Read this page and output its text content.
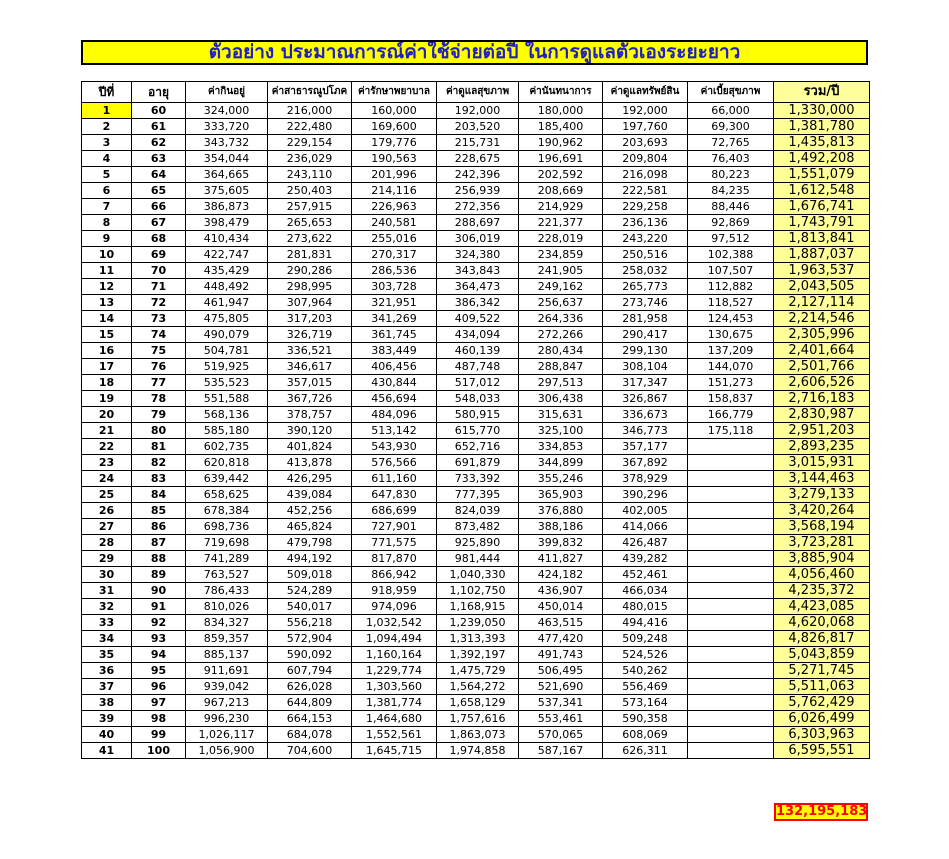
ตัวอย่าง ประมาณการณ์ค่าใช้จ่ายต่อปี ในการดูแลตัวเองระยะยาว
ปีที่	อายุ	ค่ากินอยู่	ค่าสาธารณูปโภค	ค่ารักษาพยาบาล	ค่าดูแลสุขภาพ	ค่านันทนาการ	ค่าดูแลทรัพย์สิน	ค่าเบี้ยสุขภาพ	รวม/ปี
1	60	324,000	216,000	160,000	192,000	180,000	192,000	66,000	1,330,000
2	61	333,720	222,480	169,600	203,520	185,400	197,760	69,300	1,381,780
3	62	343,732	229,154	179,776	215,731	190,962	203,693	72,765	1,435,813
4	63	354,044	236,029	190,563	228,675	196,691	209,804	76,403	1,492,208
5	64	364,665	243,110	201,996	242,396	202,592	216,098	80,223	1,551,079
6	65	375,605	250,403	214,116	256,939	208,669	222,581	84,235	1,612,548
7	66	386,873	257,915	226,963	272,356	214,929	229,258	88,446	1,676,741
8	67	398,479	265,653	240,581	288,697	221,377	236,136	92,869	1,743,791
9	68	410,434	273,622	255,016	306,019	228,019	243,220	97,512	1,813,841
10	69	422,747	281,831	270,317	324,380	234,859	250,516	102,388	1,887,037
11	70	435,429	290,286	286,536	343,843	241,905	258,032	107,507	1,963,537
12	71	448,492	298,995	303,728	364,473	249,162	265,773	112,882	2,043,505
13	72	461,947	307,964	321,951	386,342	256,637	273,746	118,527	2,127,114
14	73	475,805	317,203	341,269	409,522	264,336	281,958	124,453	2,214,546
15	74	490,079	326,719	361,745	434,094	272,266	290,417	130,675	2,305,996
16	75	504,781	336,521	383,449	460,139	280,434	299,130	137,209	2,401,664
17	76	519,925	346,617	406,456	487,748	288,847	308,104	144,070	2,501,766
18	77	535,523	357,015	430,844	517,012	297,513	317,347	151,273	2,606,526
19	78	551,588	367,726	456,694	548,033	306,438	326,867	158,837	2,716,183
20	79	568,136	378,757	484,096	580,915	315,631	336,673	166,779	2,830,987
21	80	585,180	390,120	513,142	615,770	325,100	346,773	175,118	2,951,203
22	81	602,735	401,824	543,930	652,716	334,853	357,177		2,893,235
23	82	620,818	413,878	576,566	691,879	344,899	367,892		3,015,931
24	83	639,442	426,295	611,160	733,392	355,246	378,929		3,144,463
25	84	658,625	439,084	647,830	777,395	365,903	390,296		3,279,133
26	85	678,384	452,256	686,699	824,039	376,880	402,005		3,420,264
27	86	698,736	465,824	727,901	873,482	388,186	414,066		3,568,194
28	87	719,698	479,798	771,575	925,890	399,832	426,487		3,723,281
29	88	741,289	494,192	817,870	981,444	411,827	439,282		3,885,904
30	89	763,527	509,018	866,942	1,040,330	424,182	452,461		4,056,460
31	90	786,433	524,289	918,959	1,102,750	436,907	466,034		4,235,372
32	91	810,026	540,017	974,096	1,168,915	450,014	480,015		4,423,085
33	92	834,327	556,218	1,032,542	1,239,050	463,515	494,416		4,620,068
34	93	859,357	572,904	1,094,494	1,313,393	477,420	509,248		4,826,817
35	94	885,137	590,092	1,160,164	1,392,197	491,743	524,526		5,043,859
36	95	911,691	607,794	1,229,774	1,475,729	506,495	540,262		5,271,745
37	96	939,042	626,028	1,303,560	1,564,272	521,690	556,469		5,511,063
38	97	967,213	644,809	1,381,774	1,658,129	537,341	573,164		5,762,429
39	98	996,230	664,153	1,464,680	1,757,616	553,461	590,358		6,026,499
40	99	1,026,117	684,078	1,552,561	1,863,073	570,065	608,069		6,303,963
41	100	1,056,900	704,600	1,645,715	1,974,858	587,167	626,311		6,595,551
132,195,183
